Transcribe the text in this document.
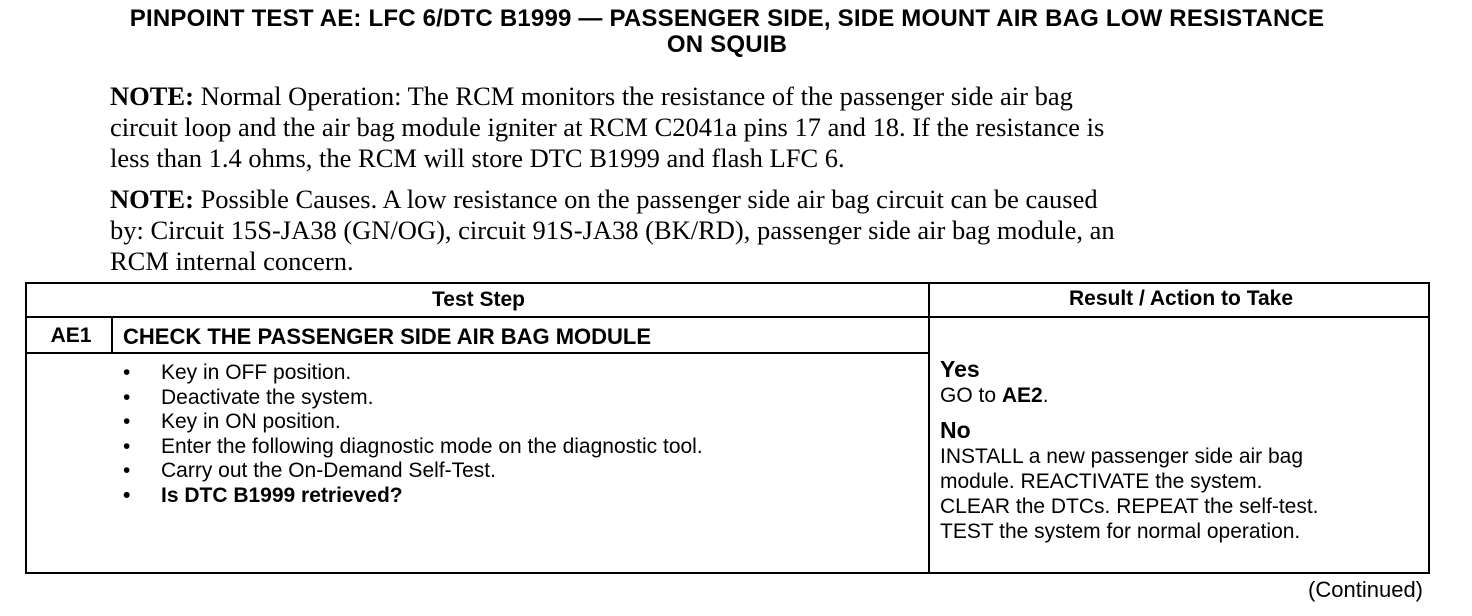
PINPOINT TEST AE: LFC 6/DTC B1999 — PASSENGER SIDE, SIDE MOUNT AIR BAG LOW RESISTANCE
ON SQUIB
NOTE: Normal Operation: The RCM monitors the resistance of the passenger side air bag
circuit loop and the air bag module igniter at RCM C2041a pins 17 and 18. If the resistance is
less than 1.4 ohms, the RCM will store DTC B1999 and flash LFC 6.
NOTE: Possible Causes. A low resistance on the passenger side air bag circuit can be caused
by: Circuit 15S-JA38 (GN/OG), circuit 91S-JA38 (BK/RD), passenger side air bag module, an
RCM internal concern.
Test Step	Result / Action to Take
AE1	CHECK THE PASSENGER SIDE AIR BAG MODULE
• Key in OFF position.
• Deactivate the system.
• Key in ON position.
• Enter the following diagnostic mode on the diagnostic tool.
• Carry out the On-Demand Self-Test.
• Is DTC B1999 retrieved?
Yes
GO to AE2.
No
INSTALL a new passenger side air bag
module. REACTIVATE the system.
CLEAR the DTCs. REPEAT the self-test.
TEST the system for normal operation.
(Continued)
